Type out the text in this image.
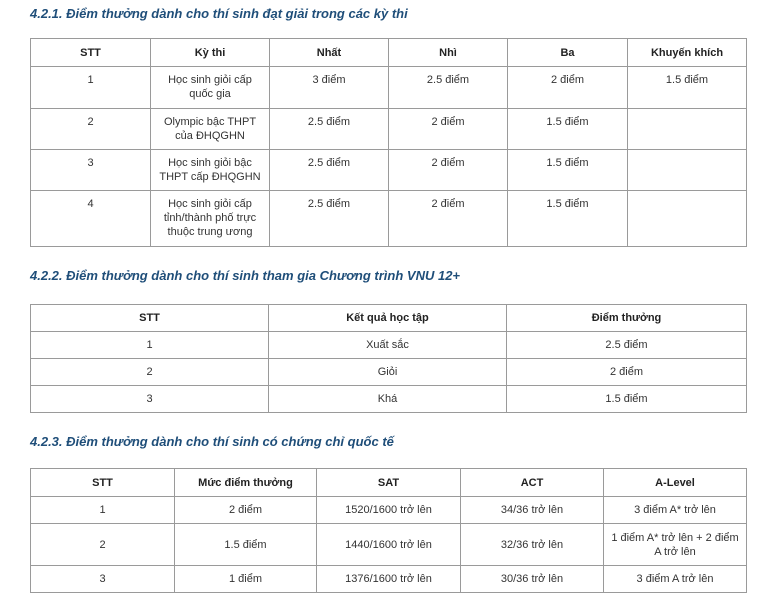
4.2.1. Điểm thưởng dành cho thí sinh đạt giải trong các kỳ thi
STT	Kỳ thi	Nhất	Nhì	Ba	Khuyến khích
1	Học sinh giỏi cấp quốc gia	3 điểm	2.5 điểm	2 điểm	1.5 điểm
2	Olympic bậc THPT của ĐHQGHN	2.5 điểm	2 điểm	1.5 điểm	
3	Học sinh giỏi bậc THPT cấp ĐHQGHN	2.5 điểm	2 điểm	1.5 điểm	
4	Học sinh giỏi cấp tỉnh/thành phố trực thuộc trung ương	2.5 điểm	2 điểm	1.5 điểm	
4.2.2. Điểm thưởng dành cho thí sinh tham gia Chương trình VNU 12+
STT	Kết quả học tập	Điểm thưởng
1	Xuất sắc	2.5 điểm
2	Giỏi	2 điểm
3	Khá	1.5 điểm
4.2.3. Điểm thưởng dành cho thí sinh có chứng chỉ quốc tế
STT	Mức điểm thưởng	SAT	ACT	A-Level
1	2 điểm	1520/1600 trở lên	34/36 trở lên	3 điểm A* trở lên
2	1.5 điểm	1440/1600 trở lên	32/36 trở lên	1 điểm A* trở lên + 2 điểm A trở lên
3	1 điểm	1376/1600 trở lên	30/36 trở lên	3 điểm A trở lên
